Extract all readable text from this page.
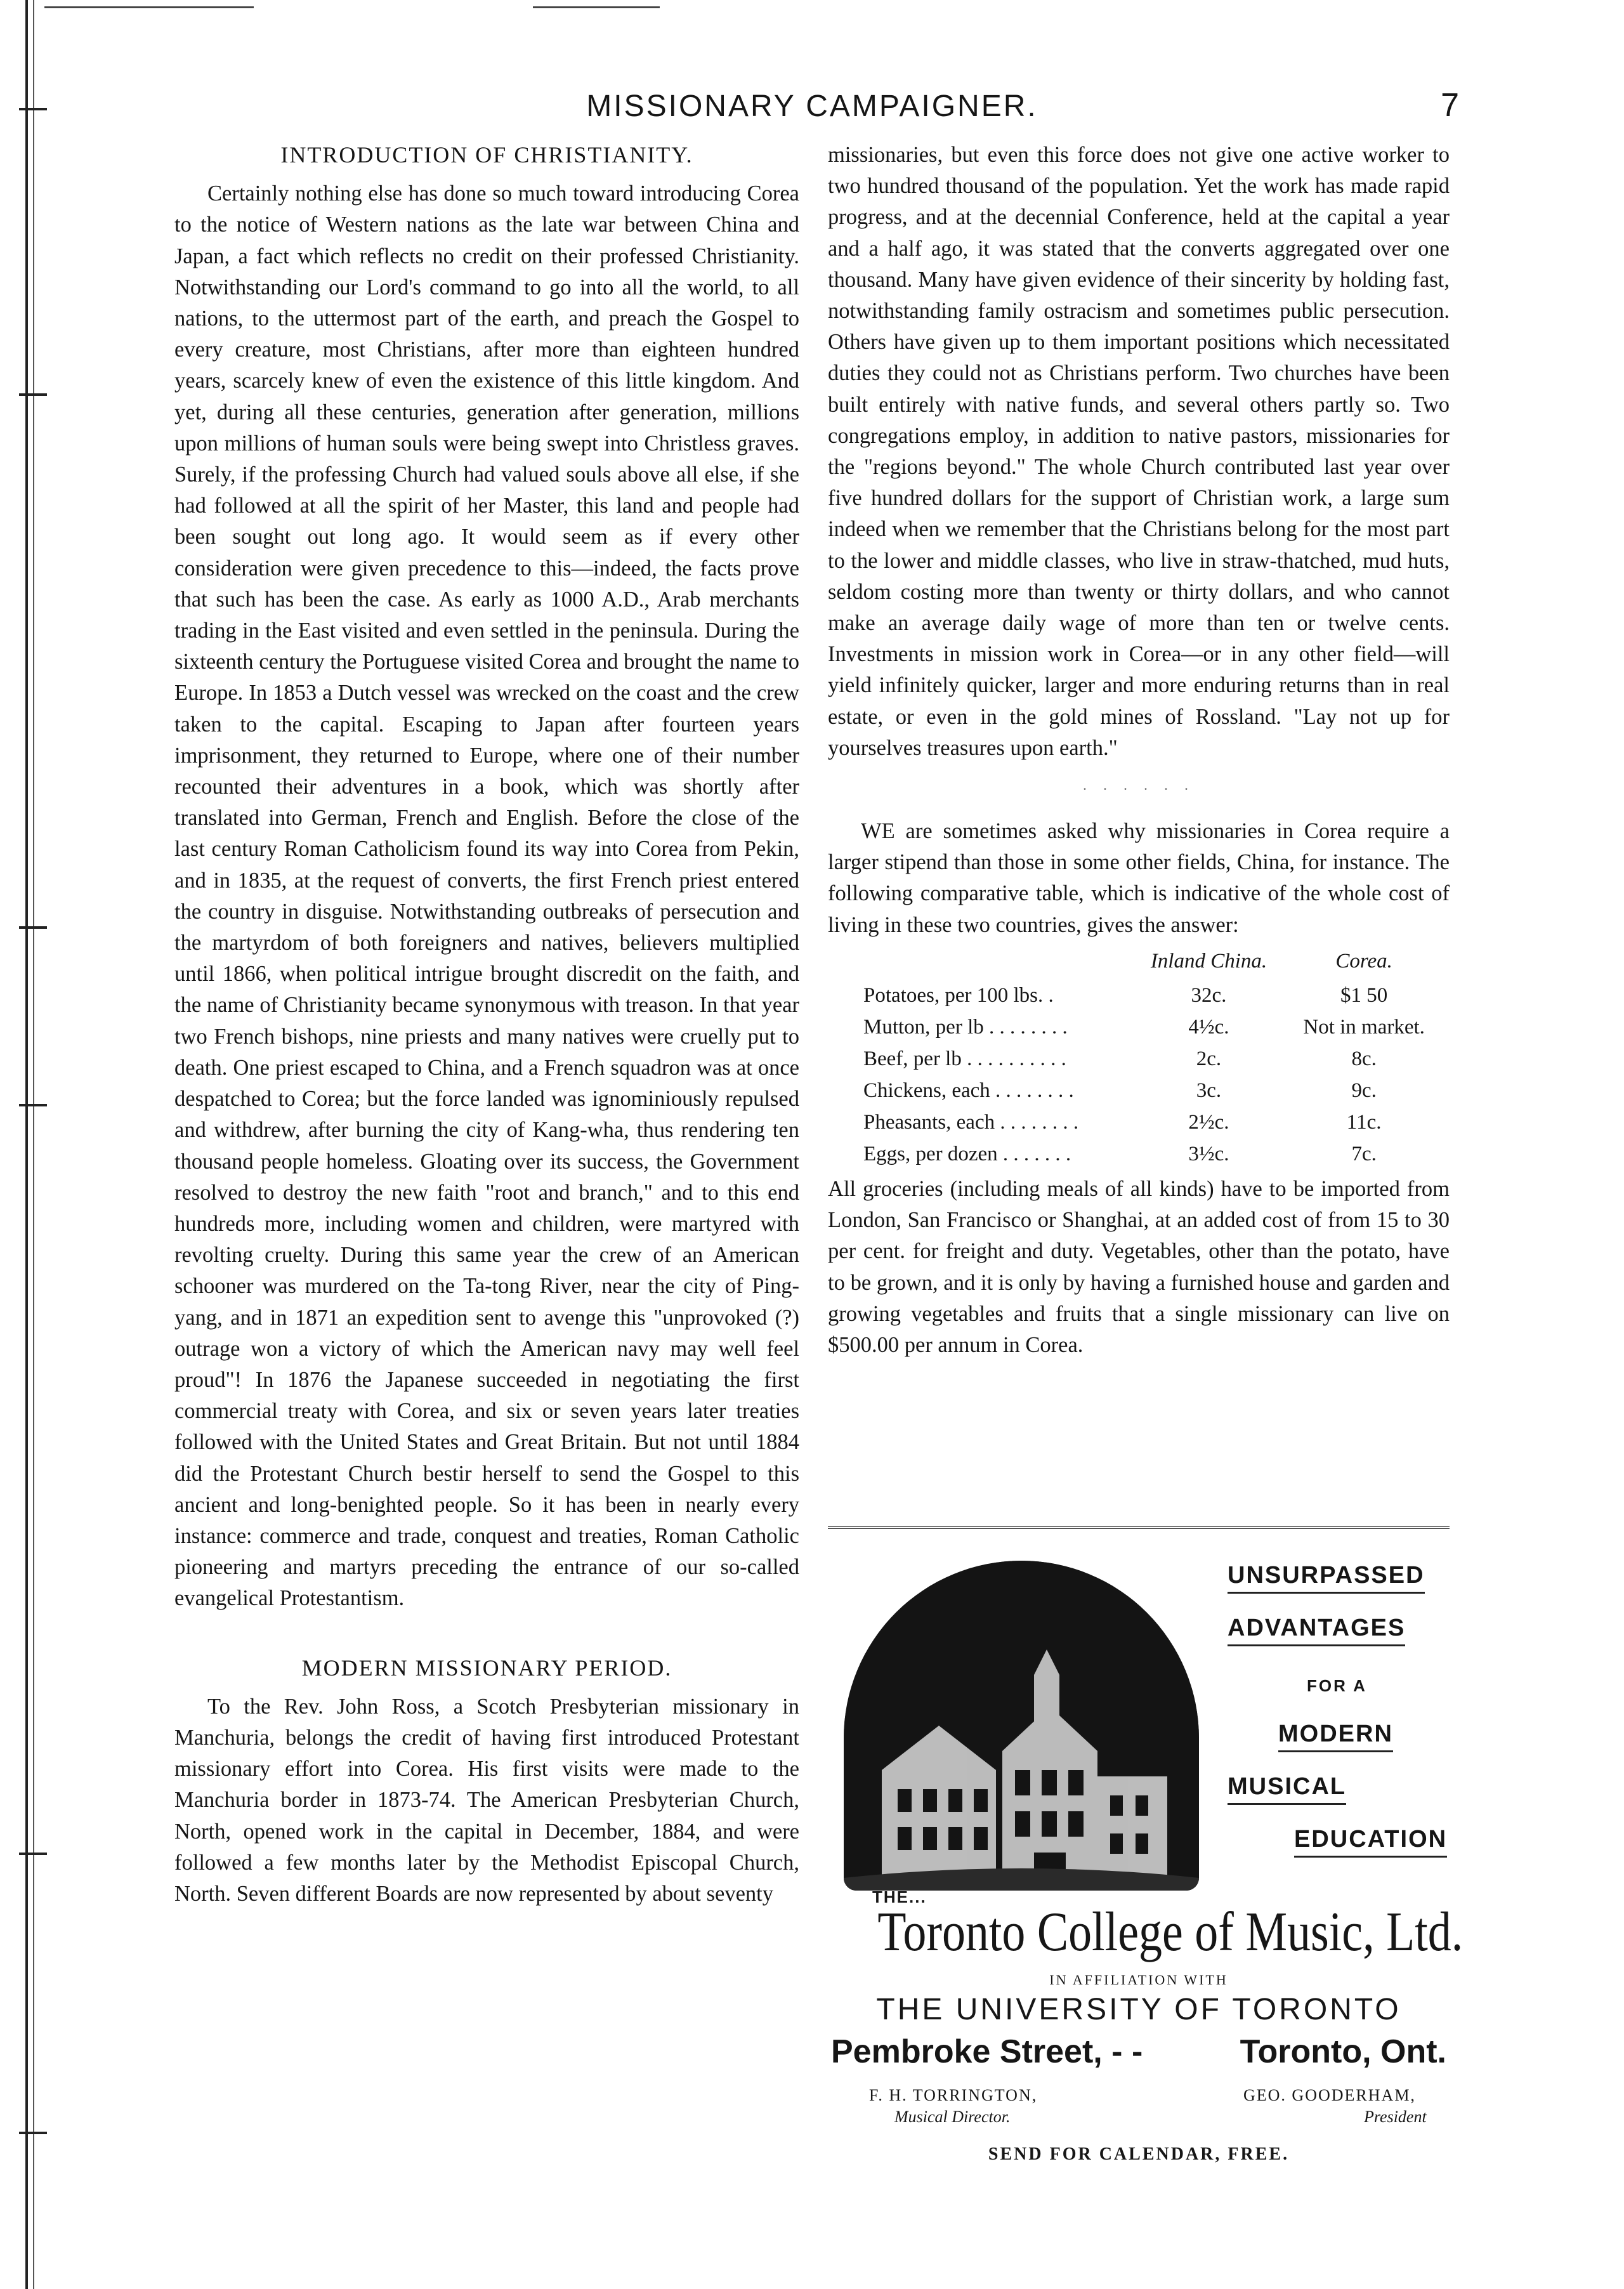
MISSIONARY CAMPAIGNER.	7
INTRODUCTION OF CHRISTIANITY.

Certainly nothing else has done so much toward introducing Corea to the notice of Western nations as the late war between China and Japan, a fact which reflects no credit on their professed Christianity. Notwithstanding our Lord's command to go into all the world, to all nations, to the uttermost part of the earth, and preach the Gospel to every creature, most Christians, after more than eighteen hundred years, scarcely knew of even the existence of this little kingdom. And yet, during all these centuries, generation after generation, millions upon millions of human souls were being swept into Christless graves. Surely, if the professing Church had valued souls above all else, if she had followed at all the spirit of her Master, this land and people had been sought out long ago. It would seem as if every other consideration were given precedence to this—indeed, the facts prove that such has been the case. As early as 1000 A.D., Arab merchants trading in the East visited and even settled in the peninsula. During the sixteenth century the Portuguese visited Corea and brought the name to Europe. In 1853 a Dutch vessel was wrecked on the coast and the crew taken to the capital. Escaping to Japan after fourteen years imprisonment, they returned to Europe, where one of their number recounted their adventures in a book, which was shortly after translated into German, French and English. Before the close of the last century Roman Catholicism found its way into Corea from Pekin, and in 1835, at the request of converts, the first French priest entered the country in disguise. Notwithstanding outbreaks of persecution and the martyrdom of both foreigners and natives, believers multiplied until 1866, when political intrigue brought discredit on the faith, and the name of Christianity became synonymous with treason. In that year two French bishops, nine priests and many natives were cruelly put to death. One priest escaped to China, and a French squadron was at once despatched to Corea; but the force landed was ignominiously repulsed and withdrew, after burning the city of Kang-wha, thus rendering ten thousand people homeless. Gloating over its success, the Government resolved to destroy the new faith "root and branch," and to this end hundreds more, including women and children, were martyred with revolting cruelty. During this same year the crew of an American schooner was murdered on the Ta-tong River, near the city of Ping-yang, and in 1871 an expedition sent to avenge this "unprovoked (?) outrage won a victory of which the American navy may well feel proud"! In 1876 the Japanese succeeded in negotiating the first commercial treaty with Corea, and six or seven years later treaties followed with the United States and Great Britain. But not until 1884 did the Protestant Church bestir herself to send the Gospel to this ancient and long-benighted people. So it has been in nearly every instance: commerce and trade, conquest and treaties, Roman Catholic pioneering and martyrs preceding the entrance of our so-called evangelical Protestantism.

MODERN MISSIONARY PERIOD.

To the Rev. John Ross, a Scotch Presbyterian missionary in Manchuria, belongs the credit of having first introduced Protestant missionary effort into Corea. His first visits were made to the Manchuria border in 1873-74. The American Presbyterian Church, North, opened work in the capital in December, 1884, and were followed a few months later by the Methodist Episcopal Church, North. Seven different Boards are now represented by about seventy

missionaries, but even this force does not give one active worker to two hundred thousand of the population. Yet the work has made rapid progress, and at the decennial Conference, held at the capital a year and a half ago, it was stated that the converts aggregated over one thousand. Many have given evidence of their sincerity by holding fast, notwithstanding family ostracism and sometimes public persecution. Others have given up to them important positions which necessitated duties they could not as Christians perform. Two churches have been built entirely with native funds, and several others partly so. Two congregations employ, in addition to native pastors, missionaries for the "regions beyond." The whole Church contributed last year over five hundred dollars for the support of Christian work, a large sum indeed when we remember that the Christians belong for the most part to the lower and middle classes, who live in straw-thatched, mud huts, seldom costing more than twenty or thirty dollars, and who cannot make an average daily wage of more than ten or twelve cents. Investments in mission work in Corea—or in any other field—will yield infinitely quicker, larger and more enduring returns than in real estate, or even in the gold mines of Rossland. "Lay not up for yourselves treasures upon earth."

. . . . . .

WE are sometimes asked why missionaries in Corea require a larger stipend than those in some other fields, China, for instance. The following comparative table, which is indicative of the whole cost of living in these two countries, gives the answer:

	Inland China.	Corea.
Potatoes, per 100 lbs. .	32c.	$1 50
Mutton, per lb . . . . . . . .	4½c.	Not in market.
Beef, per lb . . . . . . . . . .	2c.	8c.
Chickens, each . . . . . . . .	3c.	9c.
Pheasants, each . . . . . . . .	2½c.	11c.
Eggs, per dozen . . . . . . .	3½c.	7c.

All groceries (including meals of all kinds) have to be imported from London, San Francisco or Shanghai, at an added cost of from 15 to 30 per cent. for freight and duty. Vegetables, other than the potato, have to be grown, and it is only by having a furnished house and garden and growing vegetables and fruits that a single missionary can live on $500.00 per annum in Corea.

UNSURPASSED
ADVANTAGES
FOR A
MODERN
MUSICAL
EDUCATION
THE...
Toronto College of Music, Ltd.
IN AFFILIATION WITH
THE UNIVERSITY OF TORONTO
Pembroke Street, - -	Toronto, Ont.
F. H. TORRINGTON,
Musical Director.
GEO. GOODERHAM,
President
SEND FOR CALENDAR, FREE.
